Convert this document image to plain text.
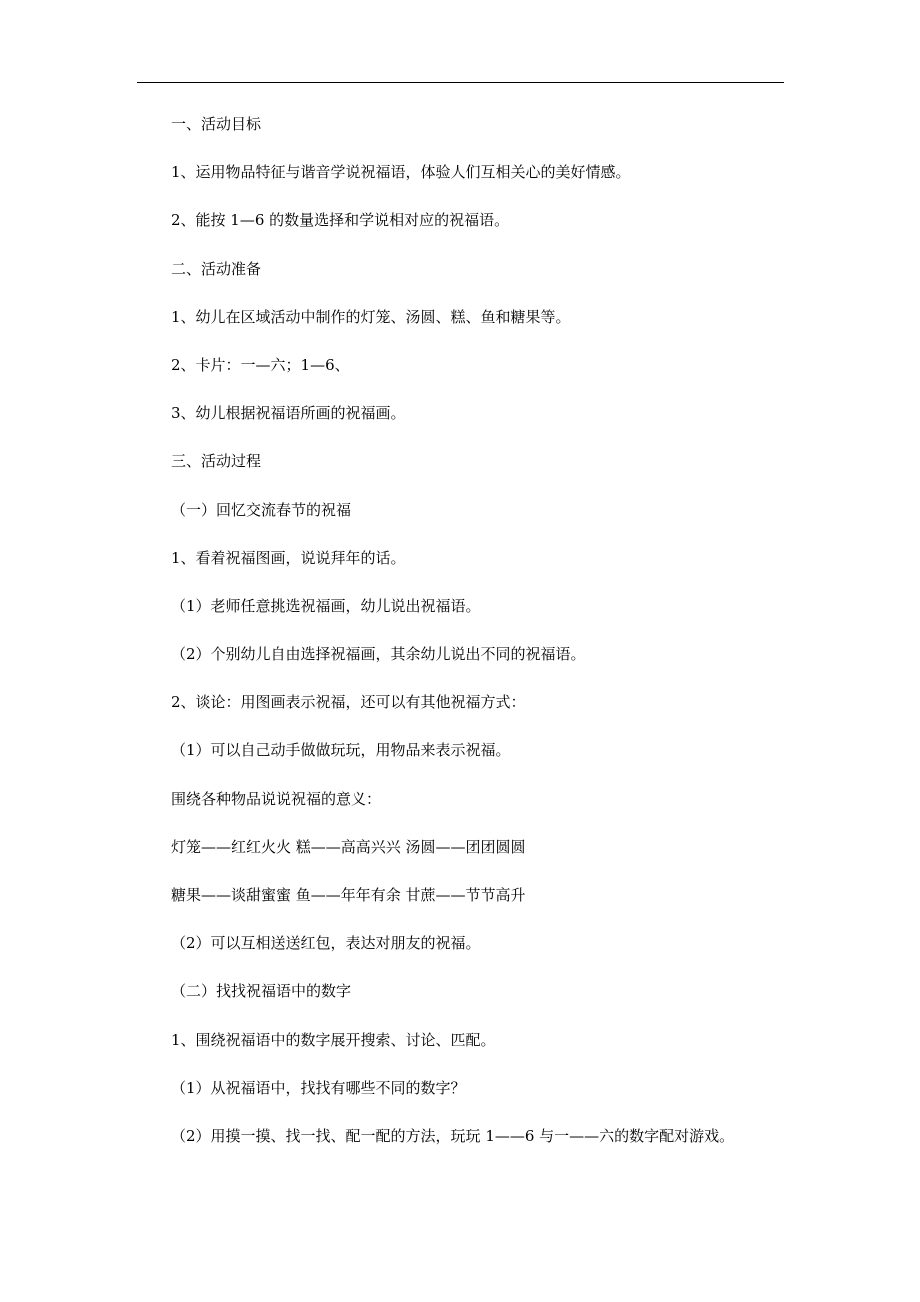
一、活动目标

1、运用物品特征与谐音学说祝福语，体验人们互相关心的美好情感。

2、能按 1—6 的数量选择和学说相对应的祝福语。

二、活动准备

1、幼儿在区域活动中制作的灯笼、汤圆、糕、鱼和糖果等。

2、卡片：一—六；1—6、

3、幼儿根据祝福语所画的祝福画。

三、活动过程

（一）回忆交流春节的祝福

1、看着祝福图画，说说拜年的话。

（1）老师任意挑选祝福画，幼儿说出祝福语。

（2）个别幼儿自由选择祝福画，其余幼儿说出不同的祝福语。

2、谈论：用图画表示祝福，还可以有其他祝福方式：

（1）可以自己动手做做玩玩，用物品来表示祝福。

围绕各种物品说说祝福的意义：

灯笼——红红火火 糕——高高兴兴 汤圆——团团圆圆

糖果——谈甜蜜蜜 鱼——年年有余 甘蔗——节节高升

（2）可以互相送送红包，表达对朋友的祝福。

（二）找找祝福语中的数字

1、围绕祝福语中的数字展开搜索、讨论、匹配。

（1）从祝福语中，找找有哪些不同的数字？

（2）用摸一摸、找一找、配一配的方法，玩玩 1——6 与一——六的数字配对游戏。
